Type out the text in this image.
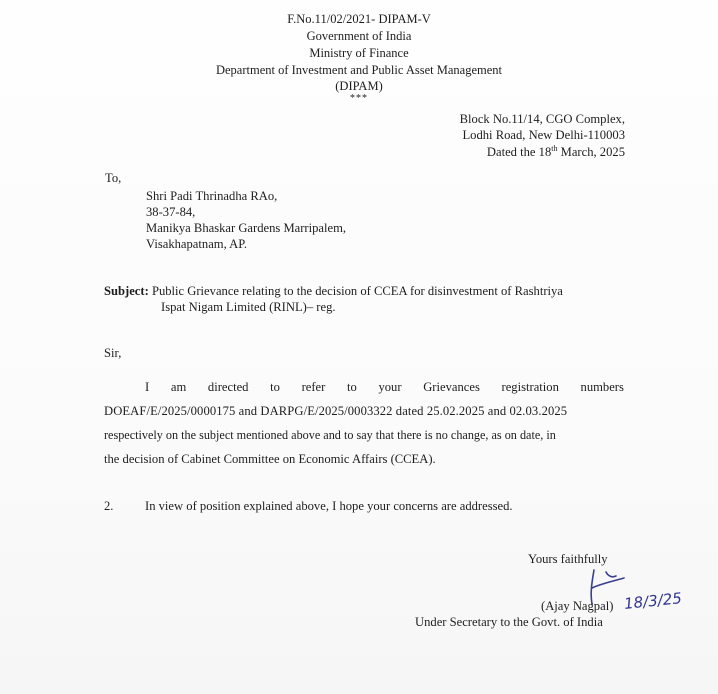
F.No.11/02/2021- DIPAM-V
Government of India
Ministry of Finance
Department of Investment and Public Asset Management
(DIPAM)
***
Block No.11/14, CGO Complex,
Lodhi Road, New Delhi-110003
Dated the 18th March, 2025
To,
Shri Padi Thrinadha RAo,
38-37-84,
Manikya Bhaskar Gardens Marripalem,
Visakhapatnam, AP.
Subject: Public Grievance relating to the decision of CCEA for disinvestment of Rashtriya
Ispat Nigam Limited (RINL)– reg.
Sir,
I am directed to refer to your Grievances registration numbers
DOEAF/E/2025/0000175 and DARPG/E/2025/0003322 dated 25.02.2025 and 02.03.2025
respectively on the subject mentioned above and to say that there is no change, as on date, in
the decision of Cabinet Committee on Economic Affairs (CCEA).
2.	In view of position explained above, I hope your concerns are addressed.
Yours faithfully
(Ajay Nagpal) 18/3/25
Under Secretary to the Govt. of India
